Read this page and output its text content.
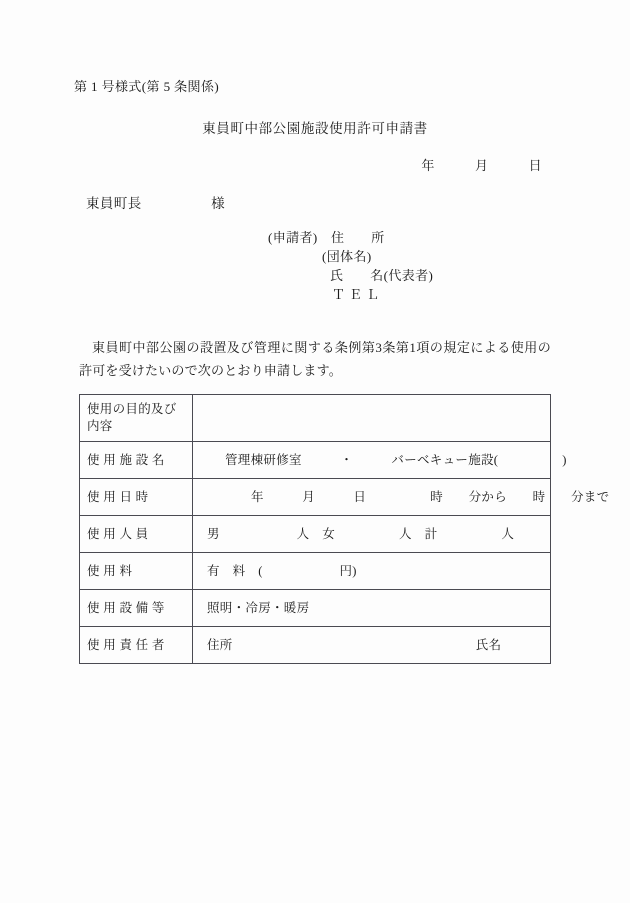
第 1 号様式(第 5 条関係)
東員町中部公園施設使用許可申請書
年　　　月　　　日
東員町長　　　　　様
(申請者)　住　　所
(団体名)
氏　　名(代表者)
Ｔ Ｅ Ｌ
東員町中部公園の設置及び管理に関する条例第3条第1項の規定による使用の許可を受けたいので次のとおり申請します。
使用の目的及び 内容	
使 用 施 設 名	管理棟研修室　　　・　　　バーベキュー施設(　　　　　)
使 用 日 時	年　　　月　　　日　　　　　時　　分から　　時　　分まで
使 用 人 員	男　　　　　　人　女　　　　　人　計　　　　　人
使 用 料	有　料　(　　　　　　円)
使 用 設 備 等	照明・冷房・暖房
使 用 責 任 者	住所　　　　　　　　　　　　　　　　　　　氏名
